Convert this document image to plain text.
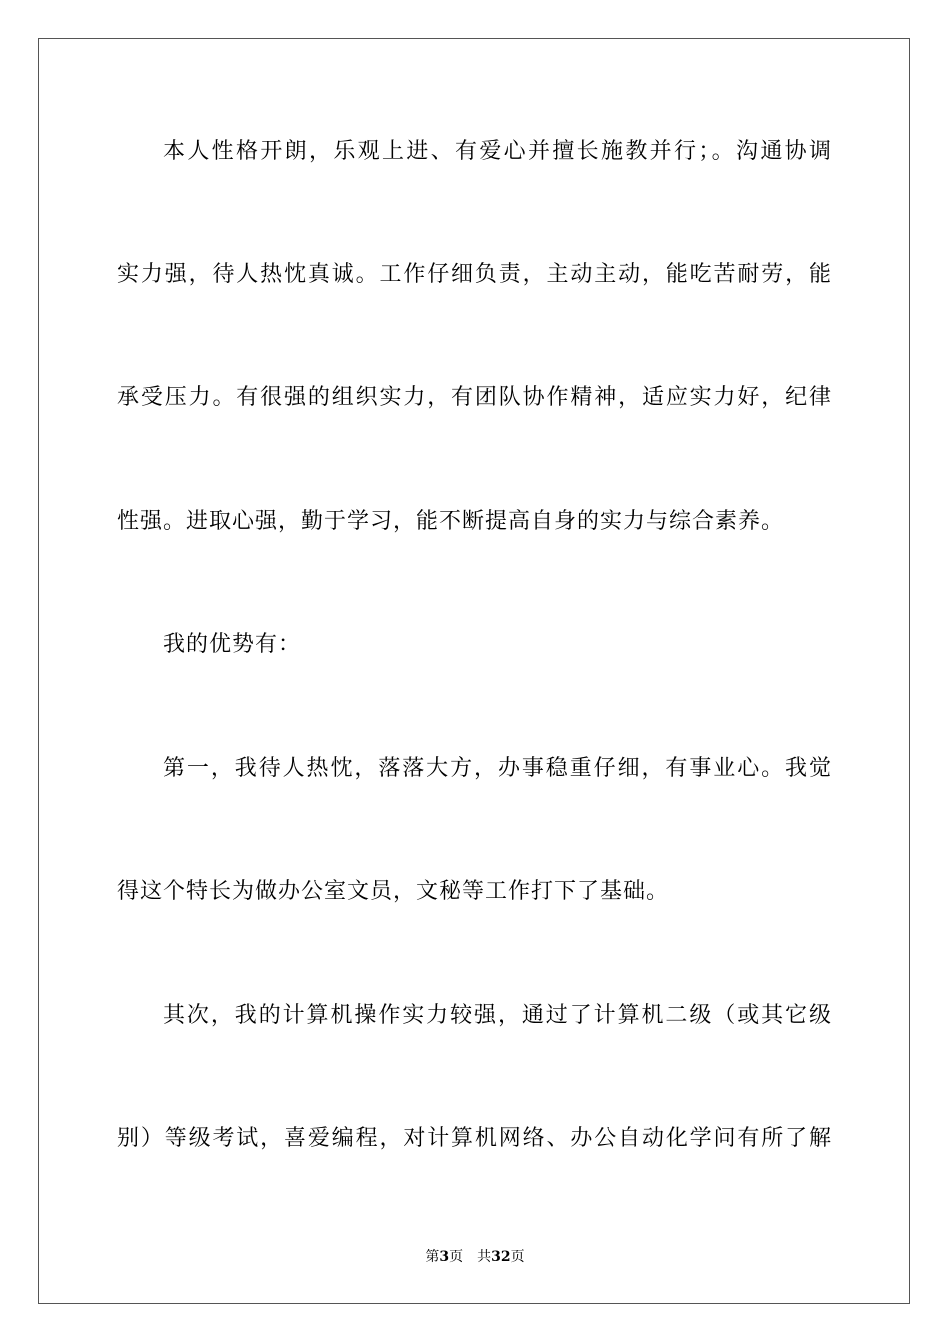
本人性格开朗，乐观上进、有爱心并擅长施教并行；。沟通协调
实力强，待人热忱真诚。工作仔细负责，主动主动，能吃苦耐劳，能
承受压力。有很强的组织实力，有团队协作精神，适应实力好，纪律
性强。进取心强，勤于学习，能不断提高自身的实力与综合素养。
我的优势有：
第一，我待人热忱，落落大方，办事稳重仔细，有事业心。我觉
得这个特长为做办公室文员，文秘等工作打下了基础。
其次，我的计算机操作实力较强，通过了计算机二级（或其它级
别）等级考试，喜爱编程，对计算机网络、办公自动化学问有所了解
第3页 共32页
